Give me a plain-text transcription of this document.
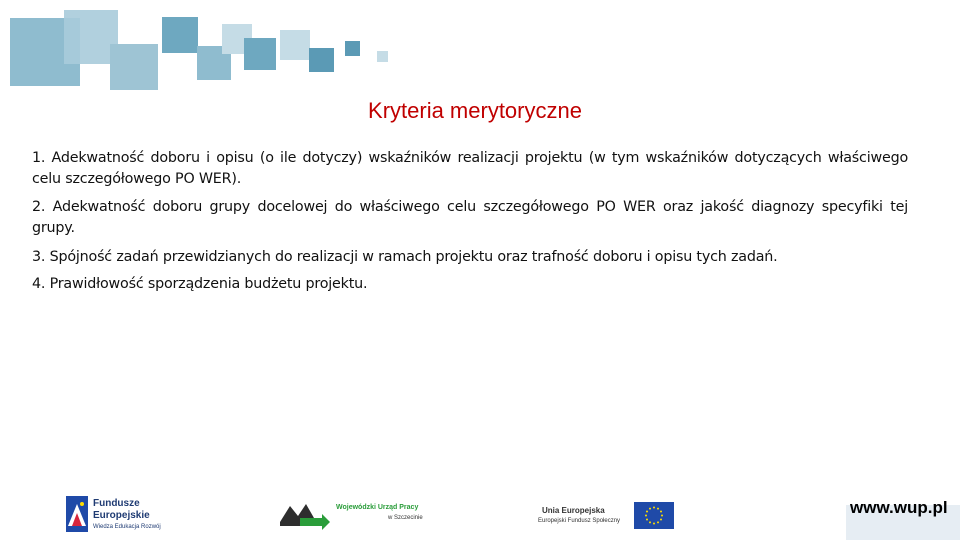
Kryteria merytoryczne
1. Adekwatność doboru i opisu (o ile dotyczy) wskaźników realizacji projektu (w tym wskaźników dotyczących właściwego celu szczegółowego PO WER).
2. Adekwatność doboru grupy docelowej do właściwego celu szczegółowego PO WER oraz jakość diagnozy specyfiki tej grupy.
3. Spójność zadań przewidzianych do realizacji w ramach projektu oraz trafność doboru i opisu tych zadań.
4. Prawidłowość sporządzenia budżetu projektu.
Fundusze
Europejskie
Wiedza Edukacja Rozwój
Wojewódzki Urząd Pracy
w Szczecinie
Unia Europejska
Europejski Fundusz Społeczny
www.wup.pl
